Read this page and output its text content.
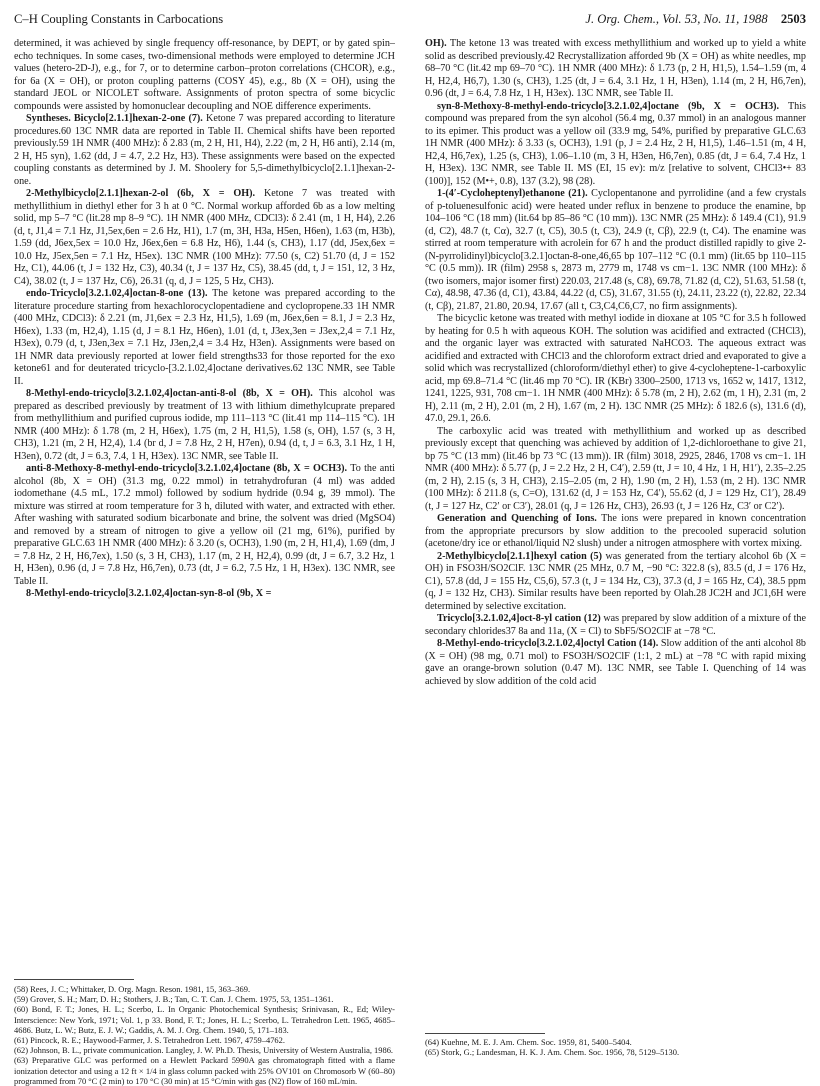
C–H Coupling Constants in Carbocations	J. Org. Chem., Vol. 53, No. 11, 1988 2503

determined, it was achieved by single frequency off-resonance, by DEPT, or by gated spin–echo techniques. In some cases, two-dimensional methods were employed to determine JCH values (hetero-2D-J), e.g., for 7, or to determine carbon–proton correlations (CHCOR), e.g., for 6a (X = OH), or proton coupling patterns (COSY 45), e.g., 8b (X = OH), using the standard JEOL or NICOLET software. Assignments of proton spectra of some bicyclic compounds were assisted by homonuclear decoupling and NOE difference experiments.

Syntheses. Bicyclo[2.1.1]hexan-2-one (7). Ketone 7 was prepared according to literature procedures.60 13C NMR data are reported in Table II. Chemical shifts have been reported previously.59 1H NMR (400 MHz): δ 2.83 (m, 2 H, H1, H4), 2.22 (m, 2 H, H6 anti), 2.14 (m, 2 H, H5 syn), 1.62 (dd, J = 4.7, 2.2 Hz, H3). These assignments were based on the expected coupling constants as determined by J. M. Shoolery for 5,5-dimethylbicyclo[2.1.1]hexan-2-one.

2-Methylbicyclo[2.1.1]hexan-2-ol (6b, X = OH). Ketone 7 was treated with methyllithium in diethyl ether for 3 h at 0 °C. Normal workup afforded 6b as a low melting solid, mp 5–7 °C (lit.28 mp 8–9 °C). 1H NMR (400 MHz, CDCl3): δ 2.41 (m, 1 H, H4), 2.26 (d, t, J1,4 = 7.1 Hz, J1,5ex,6en = 2.6 Hz, H1), 1.7 (m, 3H, H3a, H5en, H6en), 1.63 (m, H3b), 1.59 (dd, J6ex,5ex = 10.0 Hz, J6ex,6en = 6.8 Hz, H6), 1.44 (s, CH3), 1.17 (dd, J5ex,6ex = 10.0 Hz, J5ex,5en = 7.1 Hz, H5ex). 13C NMR (100 MHz): 77.50 (s, C2) 51.70 (d, J = 152 Hz, C1), 44.06 (t, J = 132 Hz, C3), 40.34 (t, J = 137 Hz, C5), 38.45 (dd, t, J = 151, 12, 3 Hz, C4), 38.02 (t, J = 137 Hz, C6), 26.31 (q, d, J = 125, 5 Hz, CH3).

endo-Tricyclo[3.2.1.02,4]octan-8-one (13). The ketone was prepared according to the literature procedure starting from hexachlorocyclopentadiene and cyclopropene.33 1H NMR (400 MHz, CDCl3): δ 2.21 (m, J1,6ex = 2.3 Hz, H1,5), 1.69 (m, J6ex,6en = 8.1, J = 2.3 Hz, H6ex), 1.33 (m, H2,4), 1.15 (d, J = 8.1 Hz, H6en), 1.01 (d, t, J3ex,3en = J3ex,2,4 = 7.1 Hz, H3ex), 0.79 (d, t, J3en,3ex = 7.1 Hz, J3en,2,4 = 3.4 Hz, H3en). Assignments were based on 1H NMR data previously reported at lower field strengths33 for those reported for the exo ketone61 and for deuterated tricyclo-[3.2.1.02,4]octane derivatives.62 13C NMR, see Table II.

8-Methyl-endo-tricyclo[3.2.1.02,4]octan-anti-8-ol (8b, X = OH). This alcohol was prepared as described previously by treatment of 13 with lithium dimethylcuprate prepared from methyllithium and purified cuprous iodide, mp 111–113 °C (lit.41 mp 114–115 °C). 1H NMR (400 MHz): δ 1.78 (m, 2 H, H6ex), 1.75 (m, 2 H, H1,5), 1.58 (s, OH), 1.57 (s, 3 H, CH3), 1.21 (m, 2 H, H2,4), 1.4 (br d, J = 7.8 Hz, 2 H, H7en), 0.94 (d, t, J = 6.3, 3.1 Hz, 1 H, H3en), 0.72 (dt, J = 6.3, 7.4, 1 H, H3ex). 13C NMR, see Table II.

anti-8-Methoxy-8-methyl-endo-tricyclo[3.2.1.02,4]octane (8b, X = OCH3). To the anti alcohol (8b, X = OH) (31.3 mg, 0.22 mmol) in tetrahydrofuran (4 ml) was added iodomethane (4.5 mL, 17.2 mmol) followed by sodium hydride (0.94 g, 39 mmol). The mixture was stirred at room temperature for 3 h, diluted with water, and extracted with ether. After washing with saturated sodium bicarbonate and brine, the solvent was dried (MgSO4) and removed by a stream of nitrogen to give a yellow oil (21 mg, 61%), purified by preparative GLC.63 1H NMR (400 MHz): δ 3.20 (s, OCH3), 1.90 (m, 2 H, H1,4), 1.69 (dm, J = 7.8 Hz, 2 H, H6,7ex), 1.50 (s, 3 H, CH3), 1.17 (m, 2 H, H2,4), 0.99 (dt, J = 6.7, 3.2 Hz, 1 H, H3en), 0.96 (d, J = 7.8 Hz, H6,7en), 0.73 (dt, J = 6.2, 7.5 Hz, 1 H, H3ex). 13C NMR, see Table II.

8-Methyl-endo-tricyclo[3.2.1.02,4]octan-syn-8-ol (9b, X =

OH). The ketone 13 was treated with excess methyllithium and worked up to yield a white solid as described previously.42 Recrystallization afforded 9b (X = OH) as white needles, mp 68–70 °C (lit.42 mp 69–70 °C). 1H NMR (400 MHz): δ 1.73 (p, 2 H, H1,5), 1.54–1.59 (m, 4 H, H2,4, H6,7), 1.30 (s, CH3), 1.25 (dt, J = 6.4, 3.1 Hz, 1 H, H3en), 1.14 (m, 2 H, H6,7en), 0.96 (dt, J = 6.4, 7.8 Hz, 1 H, H3ex). 13C NMR, see Table II.

syn-8-Methoxy-8-methyl-endo-tricyclo[3.2.1.02,4]octane (9b, X = OCH3). This compound was prepared from the syn alcohol (56.4 mg, 0.37 mmol) in an analogous manner to its epimer. This product was a yellow oil (33.9 mg, 54%, purified by preparative GLC.63 1H NMR (400 MHz): δ 3.33 (s, OCH3), 1.91 (p, J = 2.4 Hz, 2 H, H1,5), 1.46–1.51 (m, 4 H, H2,4, H6,7ex), 1.25 (s, CH3), 1.06–1.10 (m, 3 H, H3en, H6,7en), 0.85 (dt, J = 6.4, 7.4 Hz, 1 H, H3ex). 13C NMR, see Table II. MS (EI, 15 ev): m/z [relative to solvent, CHCl3•+ 83 (100)], 152 (M•+, 0.8), 137 (3.2), 98 (28).

1-(4′-Cycloheptenyl)ethanone (21). Cyclopentanone and pyrrolidine (and a few crystals of p-toluenesulfonic acid) were heated under reflux in benzene to produce the enamine, bp 104–106 °C (18 mm) (lit.64 bp 85–86 °C (10 mm)). 13C NMR (25 MHz): δ 149.4 (C1), 91.9 (d, C2), 48.7 (t, Cα), 32.7 (t, C5), 30.5 (t, C3), 24.9 (t, Cβ), 22.9 (t, C4). The enamine was stirred at room temperature with acrolein for 67 h and the product distilled rapidly to give 2-(N-pyrrolidinyl)bicyclo[3.2.1]octan-8-one,46,65 bp 107–112 °C (0.1 mm) (lit.65 bp 110–115 °C (0.5 mm)). IR (film) 2958 s, 2873 m, 2779 m, 1748 vs cm−1. 13C NMR (100 MHz): δ (two isomers, major isomer first) 220.03, 217.48 (s, C8), 69.78, 71.82 (d, C2), 51.63, 51.58 (t, Cα), 48.98, 47.36 (d, C1), 43.84, 44.22 (d, C5), 31.67, 31.55 (t), 24.11, 23.22 (t), 22.82, 22.34 (t, Cβ), 21.87, 21.80, 20.94, 17.67 (all t, C3,C4,C6,C7, no firm assignments).

The bicyclic ketone was treated with methyl iodide in dioxane at 105 °C for 3.5 h followed by heating for 0.5 h with aqueous KOH. The solution was acidified and extracted (CHCl3), and the organic layer was extracted with saturated NaHCO3. The aqueous extract was acidified and extracted with CHCl3 and the chloroform extract dried and evaporated to give a solid which was recrystallized (chloroform/diethyl ether) to give 4-cycloheptene-1-carboxylic acid, mp 69.8–71.4 °C (lit.46 mp 70 °C). IR (KBr) 3300–2500, 1713 vs, 1652 w, 1417, 1312, 1241, 1225, 931, 708 cm−1. 1H NMR (400 MHz): δ 5.78 (m, 2 H), 2.62 (m, 1 H), 2.31 (m, 2 H), 2.11 (m, 2 H), 2.01 (m, 2 H), 1.67 (m, 2 H). 13C NMR (25 MHz): δ 182.6 (s), 131.6 (d), 47.0, 29.1, 26.6.

The carboxylic acid was treated with methyllithium and worked up as described previously except that quenching was achieved by addition of 1,2-dichloroethane to give 21, bp 75 °C (13 mm) (lit.46 bp 73 °C (13 mm)). IR (film) 3018, 2925, 2846, 1708 vs cm−1. 1H NMR (400 MHz): δ 5.77 (p, J = 2.2 Hz, 2 H, C4′), 2.59 (tt, J = 10, 4 Hz, 1 H, H1′), 2.35–2.25 (m, 2 H), 2.15 (s, 3 H, CH3), 2.15–2.05 (m, 2 H), 1.90 (m, 2 H), 1.53 (m, 2 H). 13C NMR (100 MHz): δ 211.8 (s, C=O), 131.62 (d, J = 153 Hz, C4′), 55.62 (d, J = 129 Hz, C1′), 28.49 (t, J = 127 Hz, C2′ or C3′), 28.01 (q, J = 126 Hz, CH3), 26.93 (t, J = 126 Hz, C3′ or C2′).

Generation and Quenching of Ions. The ions were prepared in known concentration from the appropriate precursors by slow addition to the precooled superacid solution (acetone/dry ice or ethanol/liquid N2 slush) under a nitrogen atmosphere with vortex mixing.

2-Methylbicyclo[2.1.1]hexyl cation (5) was generated from the tertiary alcohol 6b (X = OH) in FSO3H/SO2ClF. 13C NMR (25 MHz, 0.7 M, −90 °C: 322.8 (s), 83.5 (d, J = 176 Hz, C1), 57.8 (dd, J = 155 Hz, C5,6), 57.3 (t, J = 134 Hz, C3), 37.3 (d, J = 165 Hz, C4), 38.5 ppm (q, J = 132 Hz, CH3). Similar results have been reported by Olah.28 JC2H and JC1,6H were determined by selective excitation.

Tricyclo[3.2.1.02,4]oct-8-yl cation (12) was prepared by slow addition of a mixture of the secondary chlorides37 8a and 11a, (X = Cl) to SbF5/SO2ClF at −78 °C.

8-Methyl-endo-tricyclo[3.2.1.02,4]octyl Cation (14). Slow addition of the anti alcohol 8b (X = OH) (98 mg, 0.71 mol) to FSO3H/SO2ClF (1:1, 2 mL) at −78 °C with rapid mixing gave an orange-brown solution (0.47 M). 13C NMR, see Table I. Quenching of 14 was achieved by slow addition of the cold acid

(58) Rees, J. C.; Whittaker, D. Org. Magn. Reson. 1981, 15, 363–369.

(59) Grover, S. H.; Marr, D. H.; Stothers, J. B.; Tan, C. T. Can. J. Chem. 1975, 53, 1351–1361.

(60) Bond, F. T.; Jones, H. L.; Scerbo, L. In Organic Photochemical Synthesis; Srinivasan, R., Ed; Wiley-Interscience: New York, 1971; Vol. 1, p 33. Bond, F. T.; Jones, H. L.; Scerbo, L. Tetrahedron Lett. 1965, 4685–4686. Butz, L. W.; Butz, E. J. W.; Gaddis, A. M. J. Org. Chem. 1940, 5, 171–183.

(61) Pincock, R. E.; Haywood-Farmer, J. S. Tetrahedron Lett. 1967, 4759–4762.

(62) Johnson, B. L., private communication. Langley, J. W. Ph.D. Thesis, University of Western Australia, 1986.

(63) Preparative GLC was performed on a Hewlett Packard 5990A gas chromatograph fitted with a flame ionization detector and using a 12 ft × 1/4 in glass column packed with 25% OV101 on Chromosorb W (60–80) programmed from 70 °C (2 min) to 170 °C (30 min) at 15 °C/min with gas (N2) flow of 160 mL/min.

(64) Kuehne, M. E. J. Am. Chem. Soc. 1959, 81, 5400–5404.

(65) Stork, G.; Landesman, H. K. J. Am. Chem. Soc. 1956, 78, 5129–5130.
